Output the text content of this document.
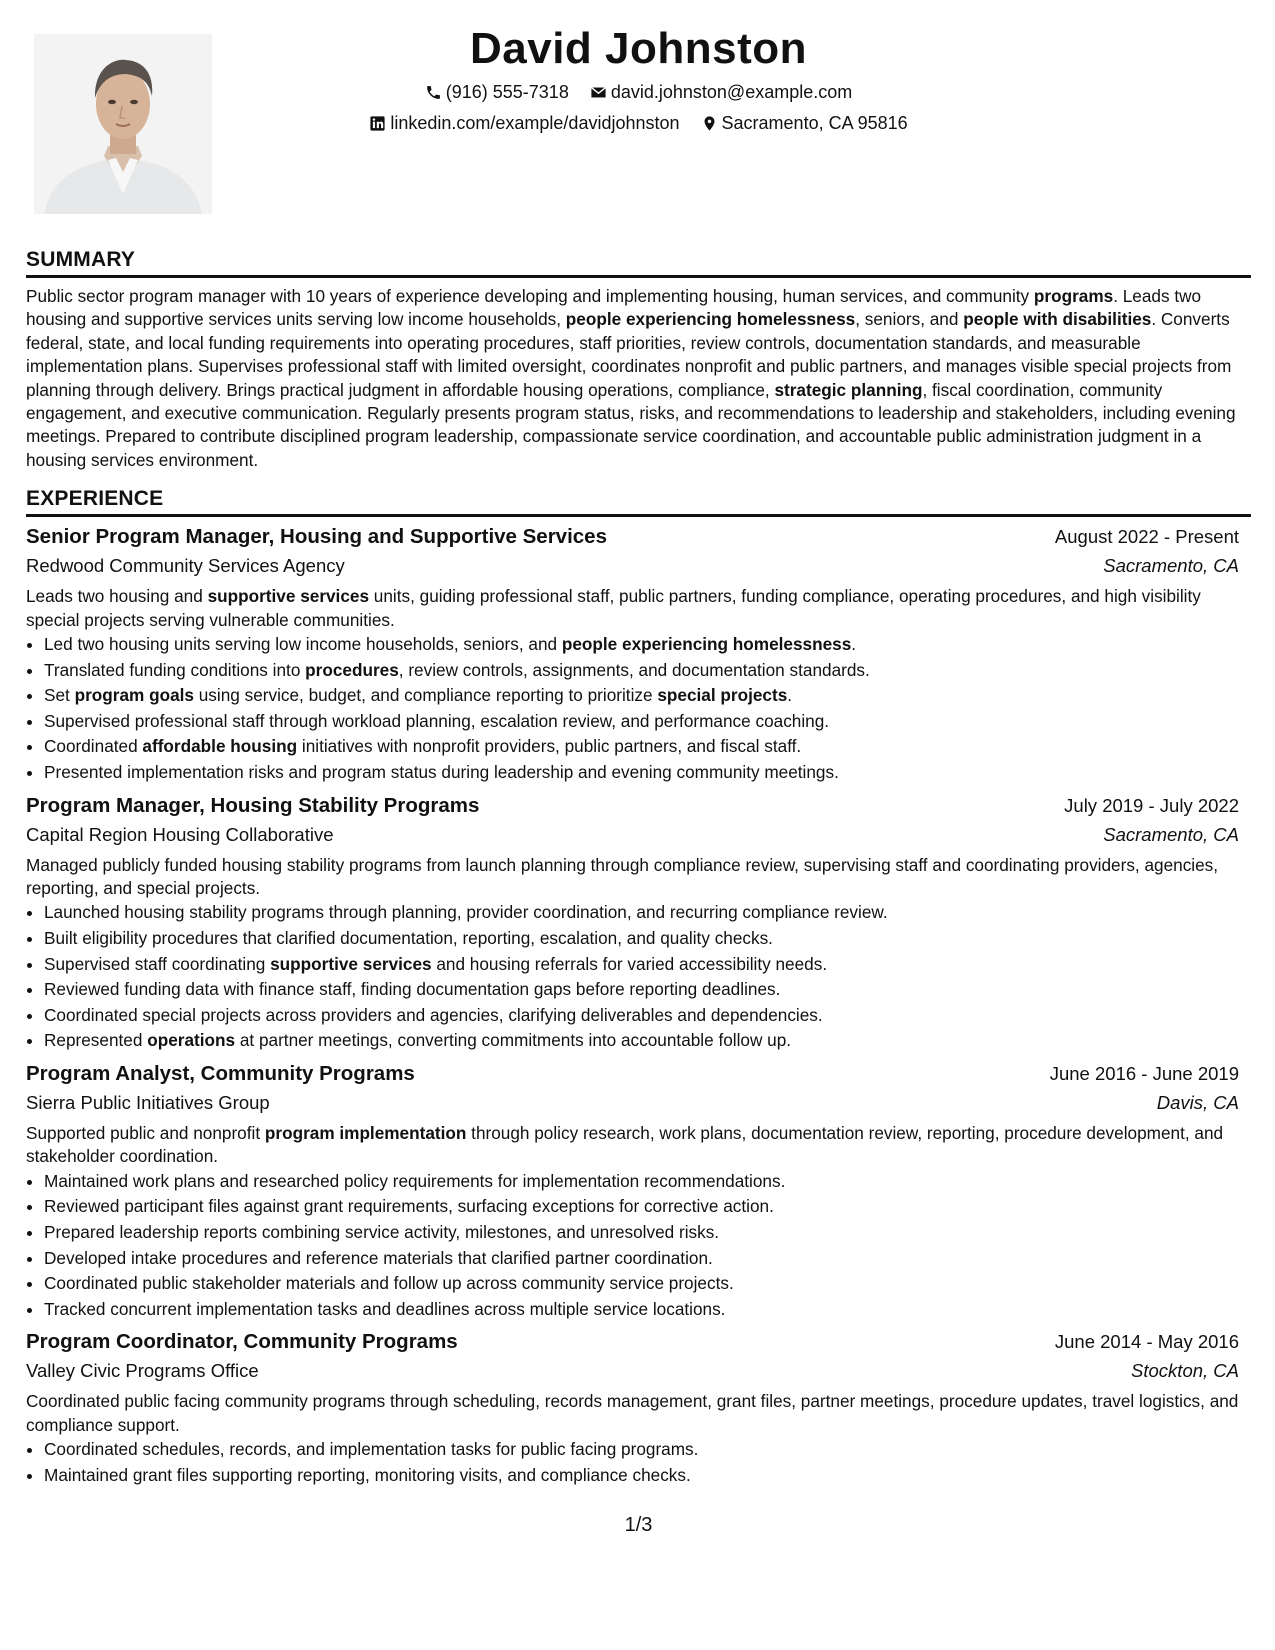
David Johnston
(916) 555-7318
david.johnston@example.com
linkedin.com/example/davidjohnston
Sacramento, CA 95816
SUMMARY
Public sector program manager with 10 years of experience developing and implementing housing, human services, and community programs. Leads two housing and supportive services units serving low income households, people experiencing homelessness, seniors, and people with disabilities. Converts federal, state, and local funding requirements into operating procedures, staff priorities, review controls, documentation standards, and measurable implementation plans. Supervises professional staff with limited oversight, coordinates nonprofit and public partners, and manages visible special projects from planning through delivery. Brings practical judgment in affordable housing operations, compliance, strategic planning, fiscal coordination, community engagement, and executive communication. Regularly presents program status, risks, and recommendations to leadership and stakeholders, including evening meetings. Prepared to contribute disciplined program leadership, compassionate service coordination, and accountable public administration judgment in a housing services environment.
EXPERIENCE
Senior Program Manager, Housing and Supportive Services	August 2022 - Present
Redwood Community Services Agency	Sacramento, CA
Leads two housing and supportive services units, guiding professional staff, public partners, funding compliance, operating procedures, and high visibility special projects serving vulnerable communities.
• Led two housing units serving low income households, seniors, and people experiencing homelessness.
• Translated funding conditions into procedures, review controls, assignments, and documentation standards.
• Set program goals using service, budget, and compliance reporting to prioritize special projects.
• Supervised professional staff through workload planning, escalation review, and performance coaching.
• Coordinated affordable housing initiatives with nonprofit providers, public partners, and fiscal staff.
• Presented implementation risks and program status during leadership and evening community meetings.
Program Manager, Housing Stability Programs	July 2019 - July 2022
Capital Region Housing Collaborative	Sacramento, CA
Managed publicly funded housing stability programs from launch planning through compliance review, supervising staff and coordinating providers, agencies, reporting, and special projects.
• Launched housing stability programs through planning, provider coordination, and recurring compliance review.
• Built eligibility procedures that clarified documentation, reporting, escalation, and quality checks.
• Supervised staff coordinating supportive services and housing referrals for varied accessibility needs.
• Reviewed funding data with finance staff, finding documentation gaps before reporting deadlines.
• Coordinated special projects across providers and agencies, clarifying deliverables and dependencies.
• Represented operations at partner meetings, converting commitments into accountable follow up.
Program Analyst, Community Programs	June 2016 - June 2019
Sierra Public Initiatives Group	Davis, CA
Supported public and nonprofit program implementation through policy research, work plans, documentation review, reporting, procedure development, and stakeholder coordination.
• Maintained work plans and researched policy requirements for implementation recommendations.
• Reviewed participant files against grant requirements, surfacing exceptions for corrective action.
• Prepared leadership reports combining service activity, milestones, and unresolved risks.
• Developed intake procedures and reference materials that clarified partner coordination.
• Coordinated public stakeholder materials and follow up across community service projects.
• Tracked concurrent implementation tasks and deadlines across multiple service locations.
Program Coordinator, Community Programs	June 2014 - May 2016
Valley Civic Programs Office	Stockton, CA
Coordinated public facing community programs through scheduling, records management, grant files, partner meetings, procedure updates, travel logistics, and compliance support.
• Coordinated schedules, records, and implementation tasks for public facing programs.
• Maintained grant files supporting reporting, monitoring visits, and compliance checks.
1/3
